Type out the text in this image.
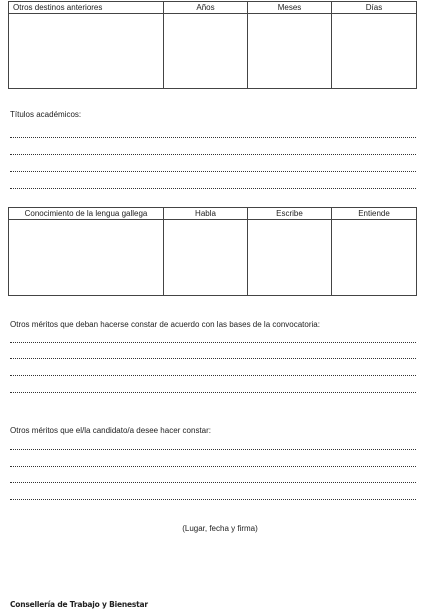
Otros destinos anteriores	Años	Meses	Días

Títulos académicos:
Conocimiento de la lengua gallega	Habla	Escribe	Entiende

Otros méritos que deban hacerse constar de acuerdo con las bases de la convocatoria:
Otros méritos que el/la candidato/a desee hacer constar:
(Lugar, fecha y firma)
Consellería de Trabajo y Bienestar
